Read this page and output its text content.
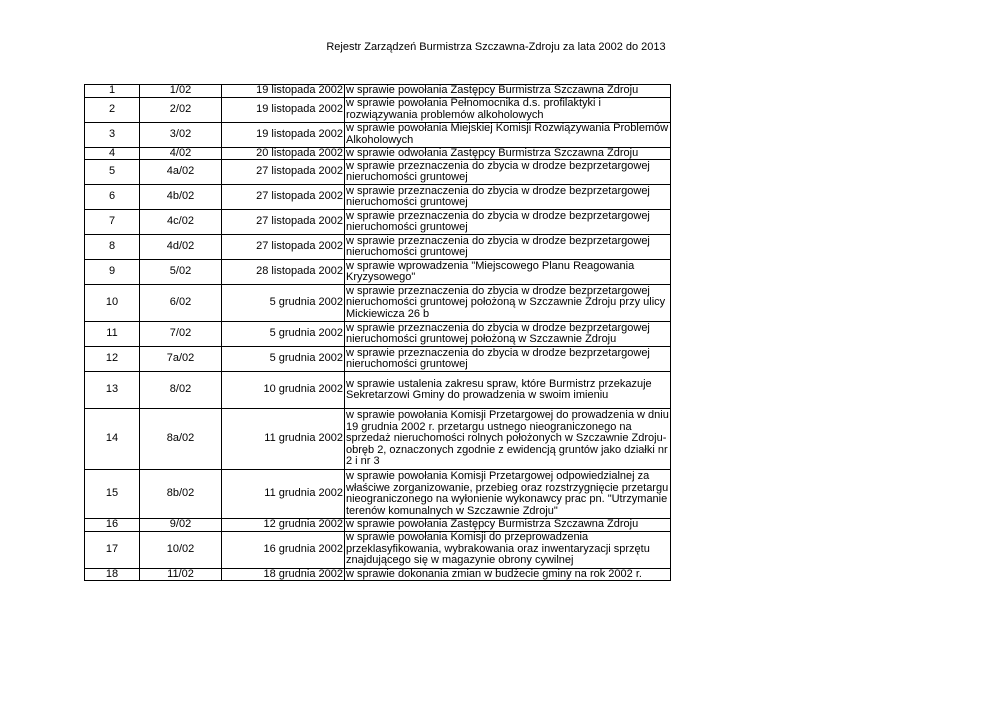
Rejestr Zarządzeń Burmistrza Szczawna-Zdroju za lata 2002 do 2013
1	1/02	19 listopada 2002	w sprawie powołania Zastępcy Burmistrza Szczawna Zdroju
2	2/02	19 listopada 2002	w sprawie powołania Pełnomocnika d.s. profilaktyki i rozwiązywania problemów alkoholowych
3	3/02	19 listopada 2002	w sprawie powołania Miejskiej Komisji Rozwiązywania Problemów Alkoholowych
4	4/02	20 listopada 2002	w sprawie odwołania Zastępcy Burmistrza Szczawna Zdroju
5	4a/02	27 listopada 2002	w sprawie przeznaczenia do zbycia w drodze bezprzetargowej nieruchomości gruntowej
6	4b/02	27 listopada 2002	w sprawie przeznaczenia do zbycia w drodze bezprzetargowej nieruchomości gruntowej
7	4c/02	27 listopada 2002	w sprawie przeznaczenia do zbycia w drodze bezprzetargowej nieruchomości gruntowej
8	4d/02	27 listopada 2002	w sprawie przeznaczenia do zbycia w drodze bezprzetargowej nieruchomości gruntowej
9	5/02	28 listopada 2002	w sprawie wprowadzenia "Miejscowego Planu Reagowania Kryzysowego"
10	6/02	5 grudnia 2002	w sprawie przeznaczenia do zbycia w drodze bezprzetargowej nieruchomości gruntowej położoną w Szczawnie Zdroju przy ulicy Mickiewicza 26 b
11	7/02	5 grudnia 2002	w sprawie przeznaczenia do zbycia w drodze bezprzetargowej nieruchomości gruntowej położoną w Szczawnie Zdroju
12	7a/02	5 grudnia 2002	w sprawie przeznaczenia do zbycia w drodze bezprzetargowej nieruchomości gruntowej
13	8/02	10 grudnia 2002	w sprawie ustalenia zakresu spraw, które Burmistrz przekazuje Sekretarzowi Gminy do prowadzenia w swoim imieniu
14	8a/02	11 grudnia 2002	w sprawie powołania Komisji Przetargowej do prowadzenia w dniu 19 grudnia 2002 r. przetargu ustnego nieograniczonego na sprzedaż nieruchomości rolnych położonych w Szczawnie Zdroju-obręb 2, oznaczonych zgodnie z ewidencją gruntów jako działki nr 2 i nr 3
15	8b/02	11 grudnia 2002	w sprawie powołania Komisji Przetargowej odpowiedzialnej za właściwe zorganizowanie, przebieg oraz rozstrzygnięcie przetargu nieograniczonego na wyłonienie wykonawcy prac pn. "Utrzymanie terenów komunalnych w Szczawnie Zdroju"
16	9/02	12 grudnia 2002	w sprawie powołania Zastępcy Burmistrza Szczawna Zdroju
17	10/02	16 grudnia 2002	w sprawie powołania Komisji do przeprowadzenia przeklasyfikowania, wybrakowania oraz inwentaryzacji sprzętu znajdującego się w magazynie obrony cywilnej
18	11/02	18 grudnia 2002	w sprawie dokonania zmian w budżecie gminy na rok 2002 r.
